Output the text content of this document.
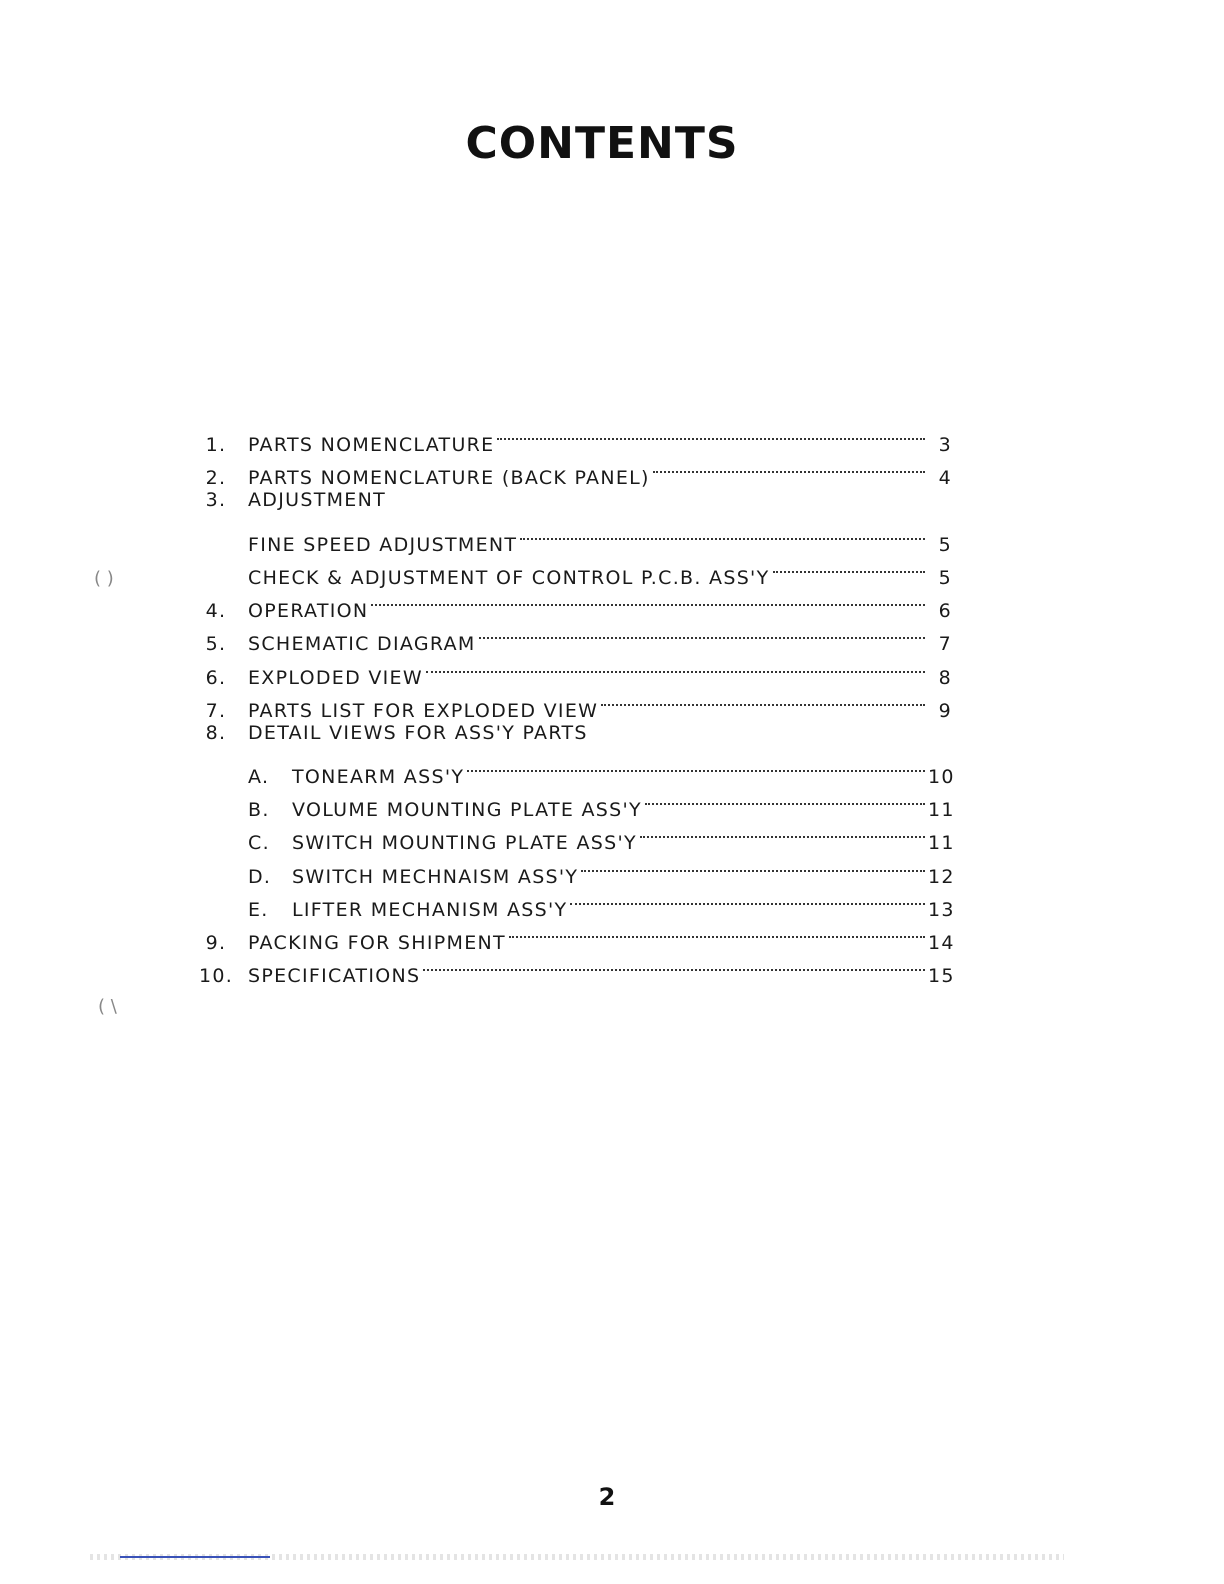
CONTENTS
1.	PARTS NOMENCLATURE	3
2.	PARTS NOMENCLATURE (BACK PANEL)	4
3.	ADJUSTMENT
FINE SPEED ADJUSTMENT	5
CHECK & ADJUSTMENT OF CONTROL P.C.B. ASS'Y	5
4.	OPERATION	6
5.	SCHEMATIC DIAGRAM	7
6.	EXPLODED VIEW	8
7.	PARTS LIST FOR EXPLODED VIEW	9
8.	DETAIL VIEWS FOR ASS'Y PARTS
A.	TONEARM ASS'Y	10
B.	VOLUME MOUNTING PLATE ASS'Y	11
C.	SWITCH MOUNTING PLATE ASS'Y	11
D.	SWITCH MECHNAISM ASS'Y	12
E.	LIFTER MECHANISM ASS'Y	13
9.	PACKING FOR SHIPMENT	14
10. SPECIFICATIONS	15
( )
( \
2
